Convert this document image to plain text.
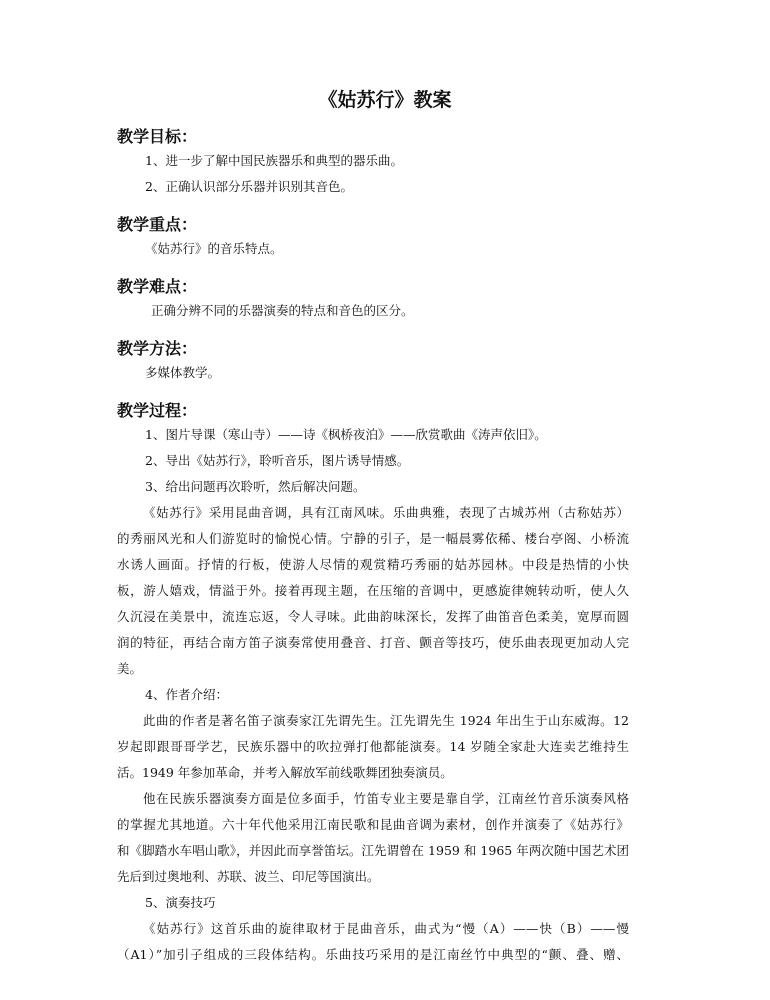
《姑苏行》教案
教学目标：

1、进一步了解中国民族器乐和典型的器乐曲。

2、正确认识部分乐器并识别其音色。

教学重点：

《姑苏行》的音乐特点。

教学难点：

正确分辨不同的乐器演奏的特点和音色的区分。

教学方法：

多媒体教学。

教学过程：

1、图片导课（寒山寺）——诗《枫桥夜泊》——欣赏歌曲《涛声依旧》。

2、导出《姑苏行》，聆听音乐，图片诱导情感。

3、给出问题再次聆听，然后解决问题。

《姑苏行》采用昆曲音调，具有江南风味。乐曲典雅，表现了古城苏州（古称姑苏）
的秀丽风光和人们游览时的愉悦心情。宁静的引子，是一幅晨雾依稀、楼台亭阁、小桥流
水诱人画面。抒情的行板，使游人尽情的观赏精巧秀丽的姑苏园林。中段是热情的小快
板，游人嬉戏，情溢于外。接着再现主题，在压缩的音调中，更感旋律婉转动听，使人久
久沉浸在美景中，流连忘返，令人寻味。此曲韵味深长，发挥了曲笛音色柔美，宽厚而圆
润的特征，再结合南方笛子演奏常使用叠音、打音、颤音等技巧，使乐曲表现更加动人完
美。

4、作者介绍：

此曲的作者是著名笛子演奏家江先谓先生。江先谓先生 1924 年出生于山东威海。12
岁起即跟哥哥学艺，民族乐器中的吹拉弹打他都能演奏。14 岁随全家赴大连卖艺维持生
活。1949 年参加革命，并考入解放军前线歌舞团独奏演员。
他在民族乐器演奏方面是位多面手，竹笛专业主要是靠自学，江南丝竹音乐演奏风格
的掌握尤其地道。六十年代他采用江南民歌和昆曲音调为素材，创作并演奏了《姑苏行》
和《脚踏水车唱山歌》，并因此而享誉笛坛。江先谓曾在 1959 和 1965 年两次随中国艺术团
先后到过奥地利、苏联、波兰、印尼等国演出。

5、演奏技巧

《姑苏行》这首乐曲的旋律取材于昆曲音乐，曲式为“慢（A）——快（B）——慢
（A1）”加引子组成的三段体结构。乐曲技巧采用的是江南丝竹中典型的“颤、叠、赠、
